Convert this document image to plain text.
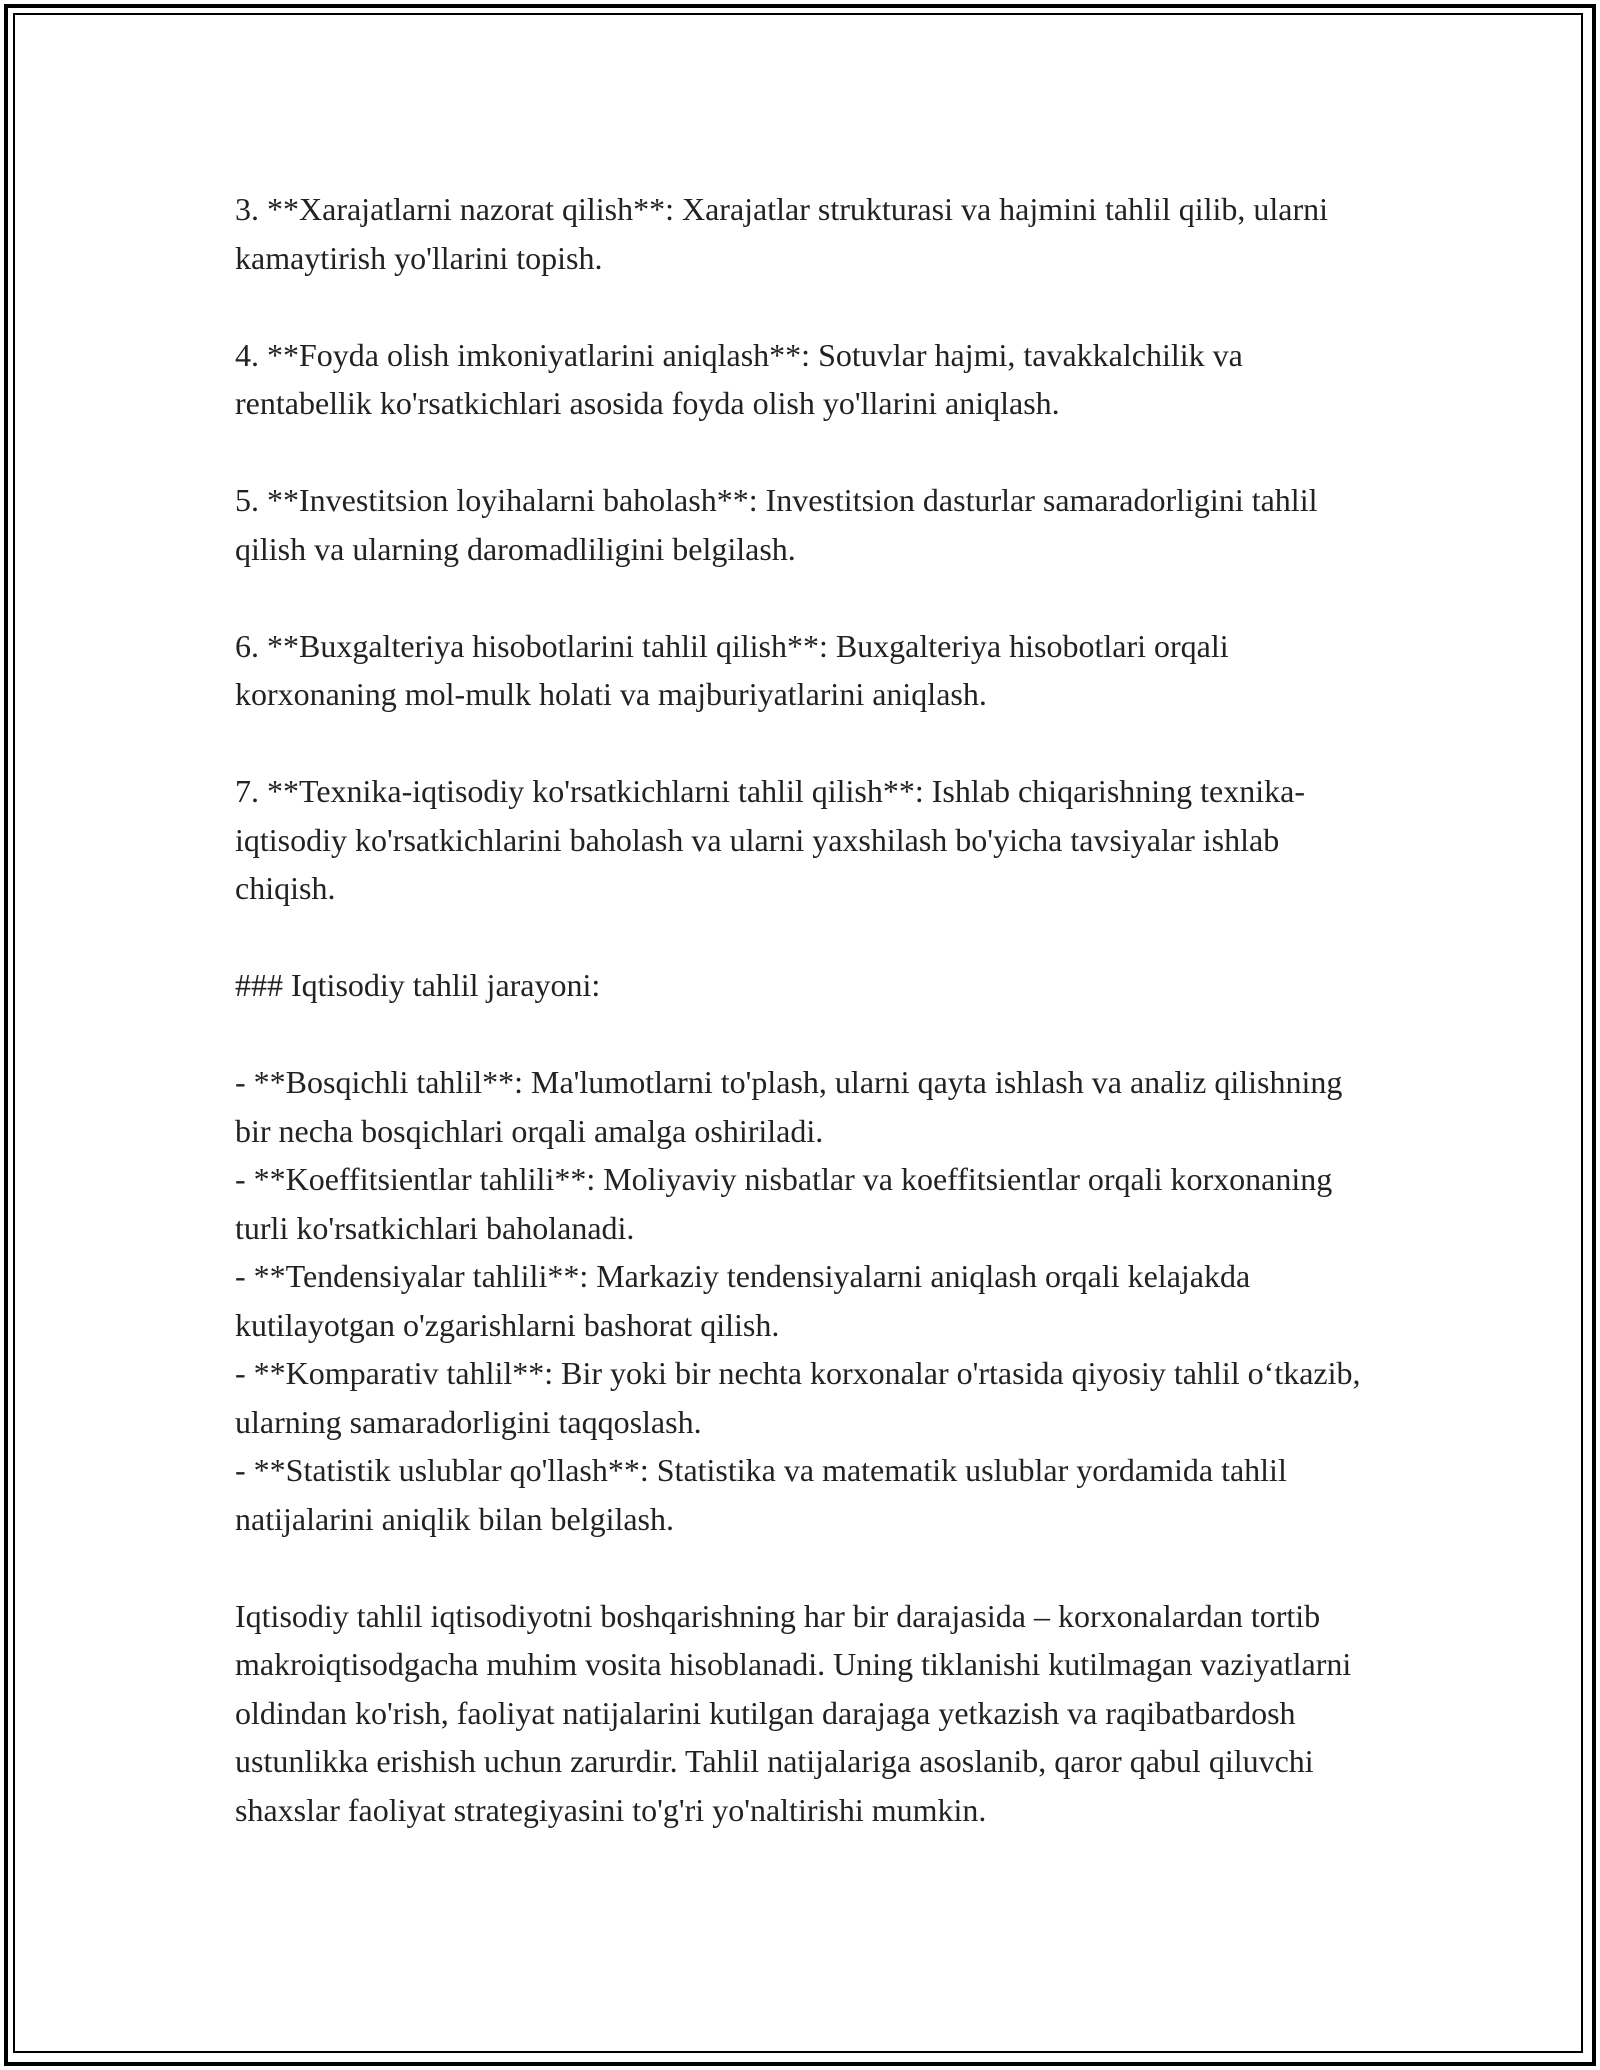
3. **Xarajatlarni nazorat qilish**: Xarajatlar strukturasi va hajmini tahlil qilib, ularni kamaytirish yo'llarini topish.

4. **Foyda olish imkoniyatlarini aniqlash**: Sotuvlar hajmi, tavakkalchilik va rentabellik ko'rsatkichlari asosida foyda olish yo'llarini aniqlash.

5. **Investitsion loyihalarni baholash**: Investitsion dasturlar samaradorligini tahlil qilish va ularning daromadliligini belgilash.

6. **Buxgalteriya hisobotlarini tahlil qilish**: Buxgalteriya hisobotlari orqali korxonaning mol-mulk holati va majburiyatlarini aniqlash.

7. **Texnika-iqtisodiy ko'rsatkichlarni tahlil qilish**: Ishlab chiqarishning texnika-iqtisodiy ko'rsatkichlarini baholash va ularni yaxshilash bo'yicha tavsiyalar ishlab chiqish.

### Iqtisodiy tahlil jarayoni:

- **Bosqichli tahlil**: Ma'lumotlarni to'plash, ularni qayta ishlash va analiz qilishning bir necha bosqichlari orqali amalga oshiriladi.

- **Koeffitsientlar tahlili**: Moliyaviy nisbatlar va koeffitsientlar orqali korxonaning turli ko'rsatkichlari baholanadi.

- **Tendensiyalar tahlili**: Markaziy tendensiyalarni aniqlash orqali kelajakda kutilayotgan o'zgarishlarni bashorat qilish.

- **Komparativ tahlil**: Bir yoki bir nechta korxonalar o'rtasida qiyosiy tahlil o‘tkazib, ularning samaradorligini taqqoslash.

- **Statistik uslublar qo'llash**: Statistika va matematik uslublar yordamida tahlil natijalarini aniqlik bilan belgilash.

Iqtisodiy tahlil iqtisodiyotni boshqarishning har bir darajasida – korxonalardan tortib makroiqtisodgacha muhim vosita hisoblanadi. Uning tiklanishi kutilmagan vaziyatlarni oldindan ko'rish, faoliyat natijalarini kutilgan darajaga yetkazish va raqibatbardosh ustunlikka erishish uchun zarurdir. Tahlil natijalariga asoslanib, qaror qabul qiluvchi shaxslar faoliyat strategiyasini to'g'ri yo'naltirishi mumkin.
